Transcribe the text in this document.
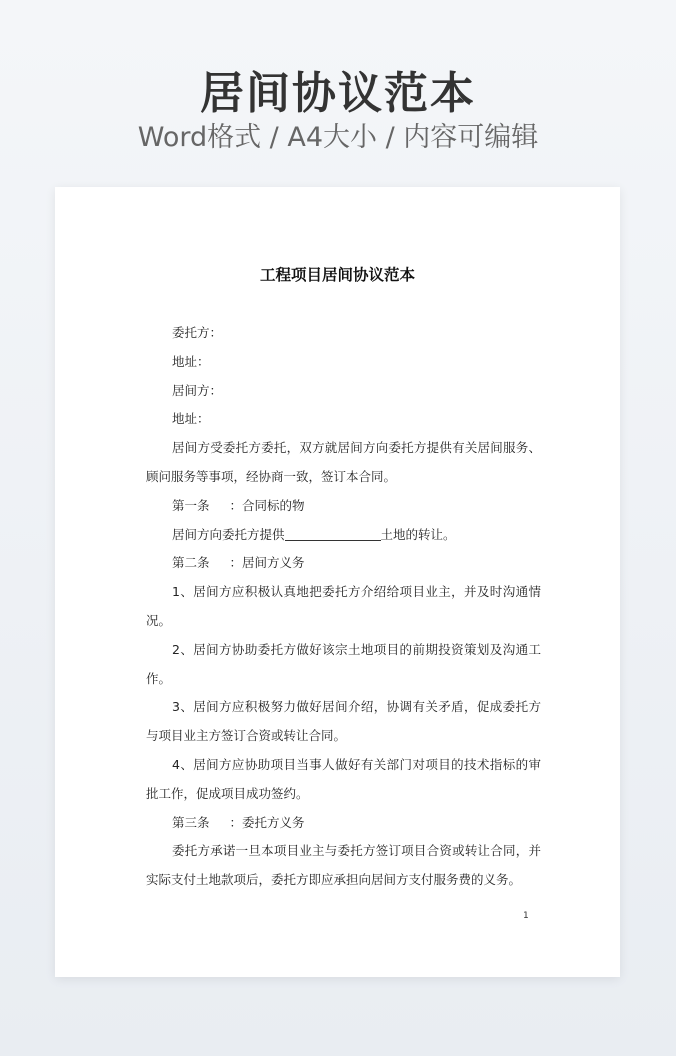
居间协议范本
Word格式 / A4大小 / 内容可编辑
工程项目居间协议范本

委托方：

地址：

居间方：

地址：

居间方受委托方委托，双方就居间方向委托方提供有关居间服务、顾问服务等事项，经协商一致，签订本合同。

第一条 ：合同标的物

居间方向委托方提供	土地的转让。

第二条 ：居间方义务

1、居间方应积极认真地把委托方介绍给项目业主，并及时沟通情况。

2、居间方协助委托方做好该宗土地项目的前期投资策划及沟通工作。

3、居间方应积极努力做好居间介绍，协调有关矛盾，促成委托方与项目业主方签订合资或转让合同。

4、居间方应协助项目当事人做好有关部门对项目的技术指标的审批工作，促成项目成功签约。

第三条 ：委托方义务

委托方承诺一旦本项目业主与委托方签订项目合资或转让合同，并实际支付土地款项后，委托方即应承担向居间方支付服务费的义务。

1
